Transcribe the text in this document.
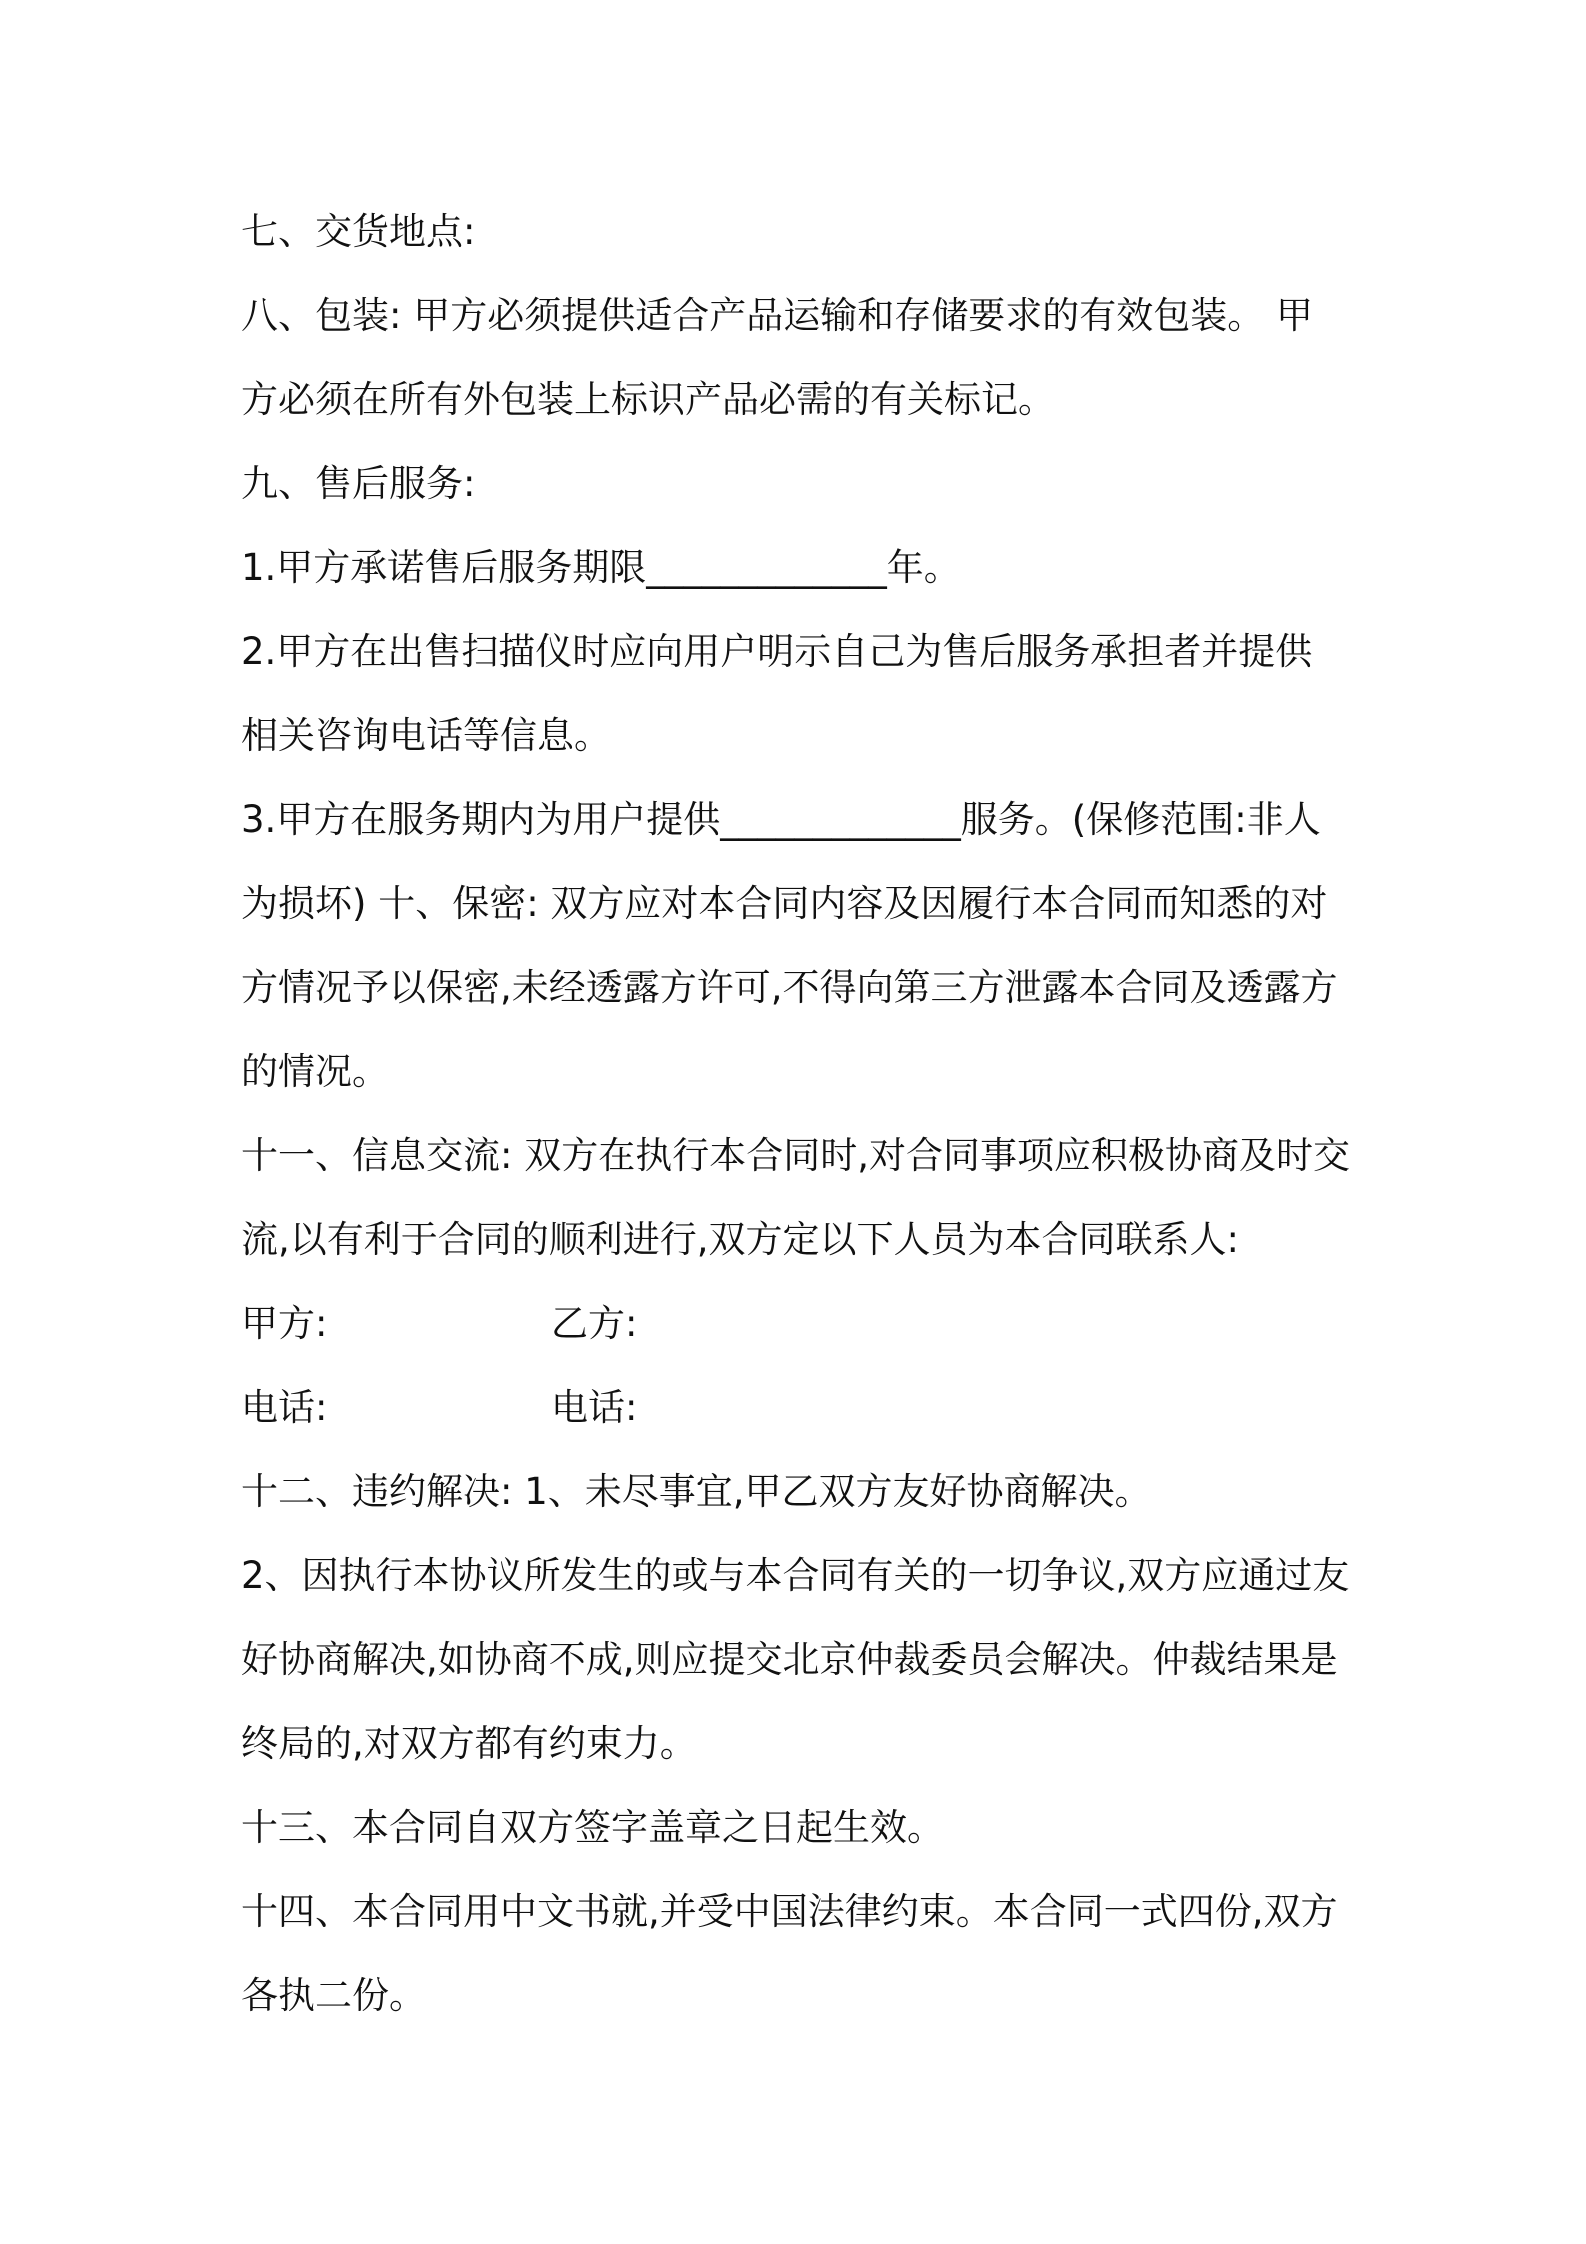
七、交货地点:
八、包装: 甲方必须提供适合产品运输和存储要求的有效包装。 甲
方必须在所有外包装上标识产品必需的有关标记。
九、售后服务:
1.甲方承诺售后服务期限_____________年。
2.甲方在出售扫描仪时应向用户明示自己为售后服务承担者并提供
相关咨询电话等信息。
3.甲方在服务期内为用户提供_____________服务。(保修范围:非人
为损坏) 十、保密: 双方应对本合同内容及因履行本合同而知悉的对
方情况予以保密,未经透露方许可,不得向第三方泄露本合同及透露方
的情况。
十一、信息交流: 双方在执行本合同时,对合同事项应积极协商及时交
流,以有利于合同的顺利进行,双方定以下人员为本合同联系人:
甲方:	乙方:
电话:	电话:
十二、违约解决: 1、未尽事宜,甲乙双方友好协商解决。
2、因执行本协议所发生的或与本合同有关的一切争议,双方应通过友
好协商解决,如协商不成,则应提交北京仲裁委员会解决。仲裁结果是
终局的,对双方都有约束力。
十三、本合同自双方签字盖章之日起生效。
十四、本合同用中文书就,并受中国法律约束。本合同一式四份,双方
各执二份。
